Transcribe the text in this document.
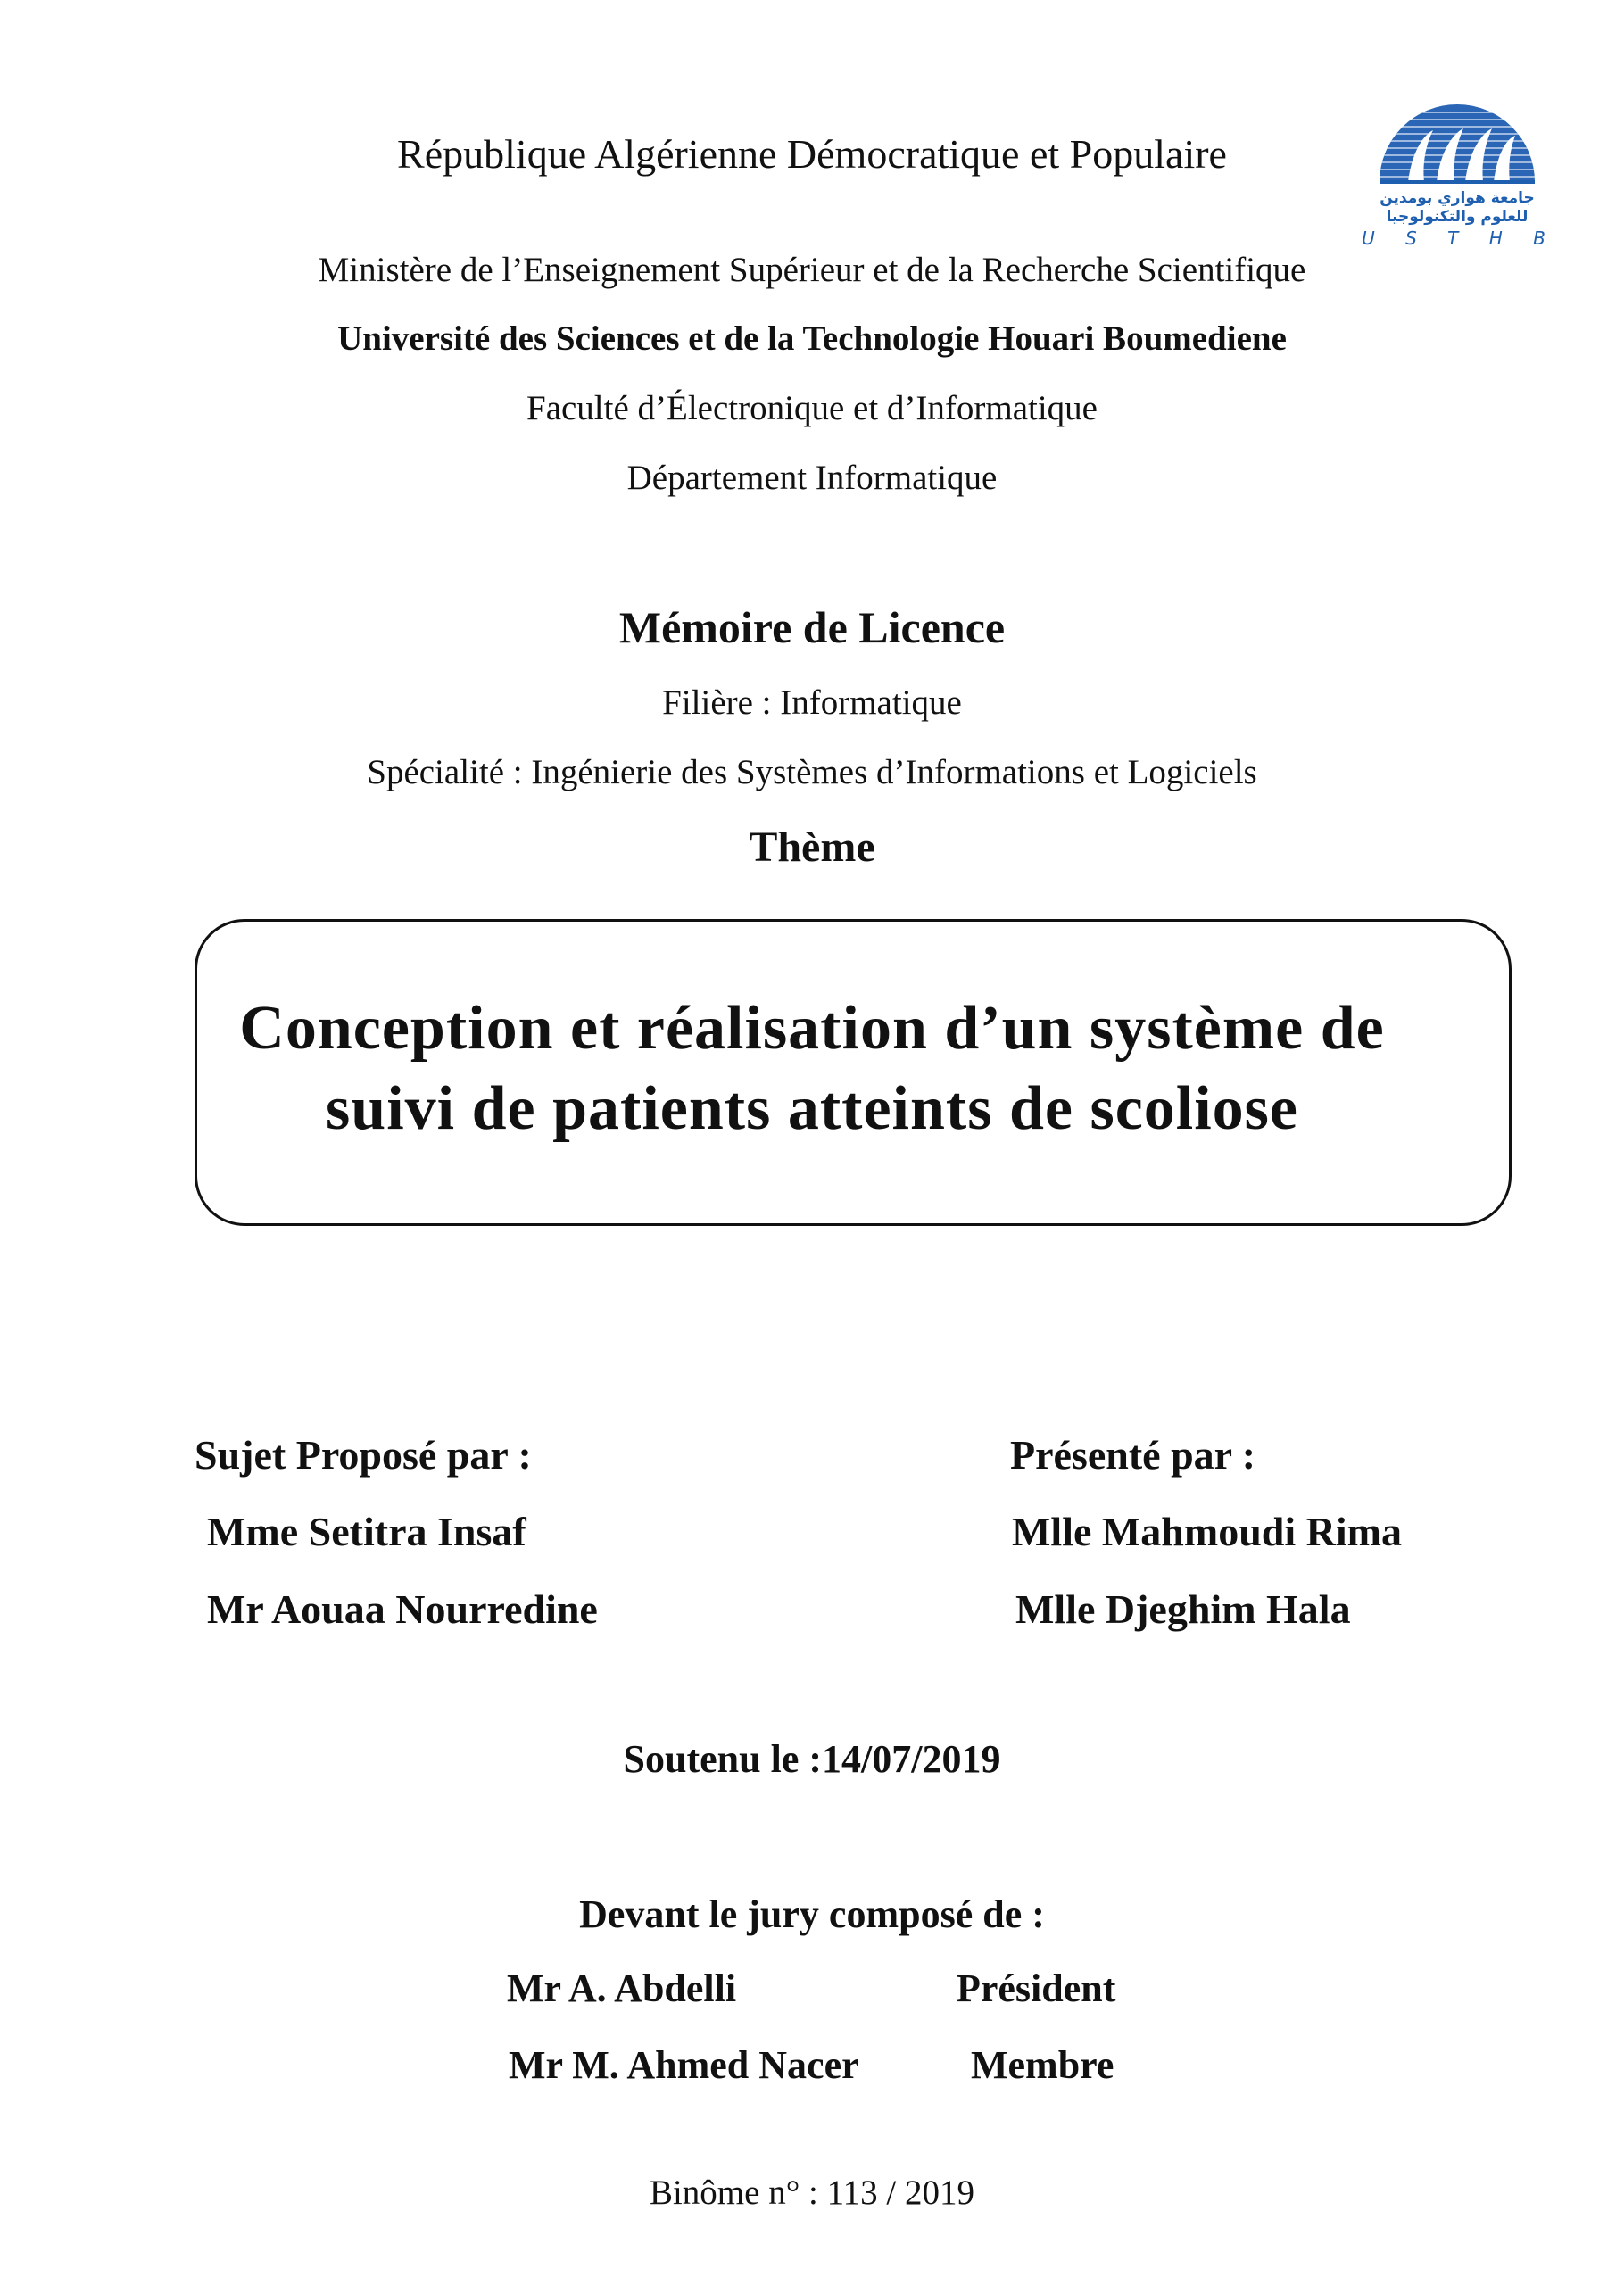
République Algérienne Démocratique et Populaire
Ministère de l’Enseignement Supérieur et de la Recherche Scientifique
Université des Sciences et de la Technologie Houari Boumediene
Faculté d’Électronique et d’Informatique
Département Informatique
جامعة هواري بومدين
للعلوم والتكنولوجيا
U S T H B
Mémoire de Licence
Filière : Informatique
Spécialité : Ingénierie des Systèmes d’Informations et Logiciels
Thème
Conception et réalisation d’un système de
suivi de patients atteints de scoliose
Sujet Proposé par :
Mme Setitra Insaf
Mr Aouaa Nourredine
Présenté par :
Mlle Mahmoudi Rima
Mlle Djeghim Hala
Soutenu le :14/07/2019
Devant le jury composé de :
Mr A. Abdelli	Président
Mr M. Ahmed Nacer	Membre
Binôme n° : 113 / 2019
